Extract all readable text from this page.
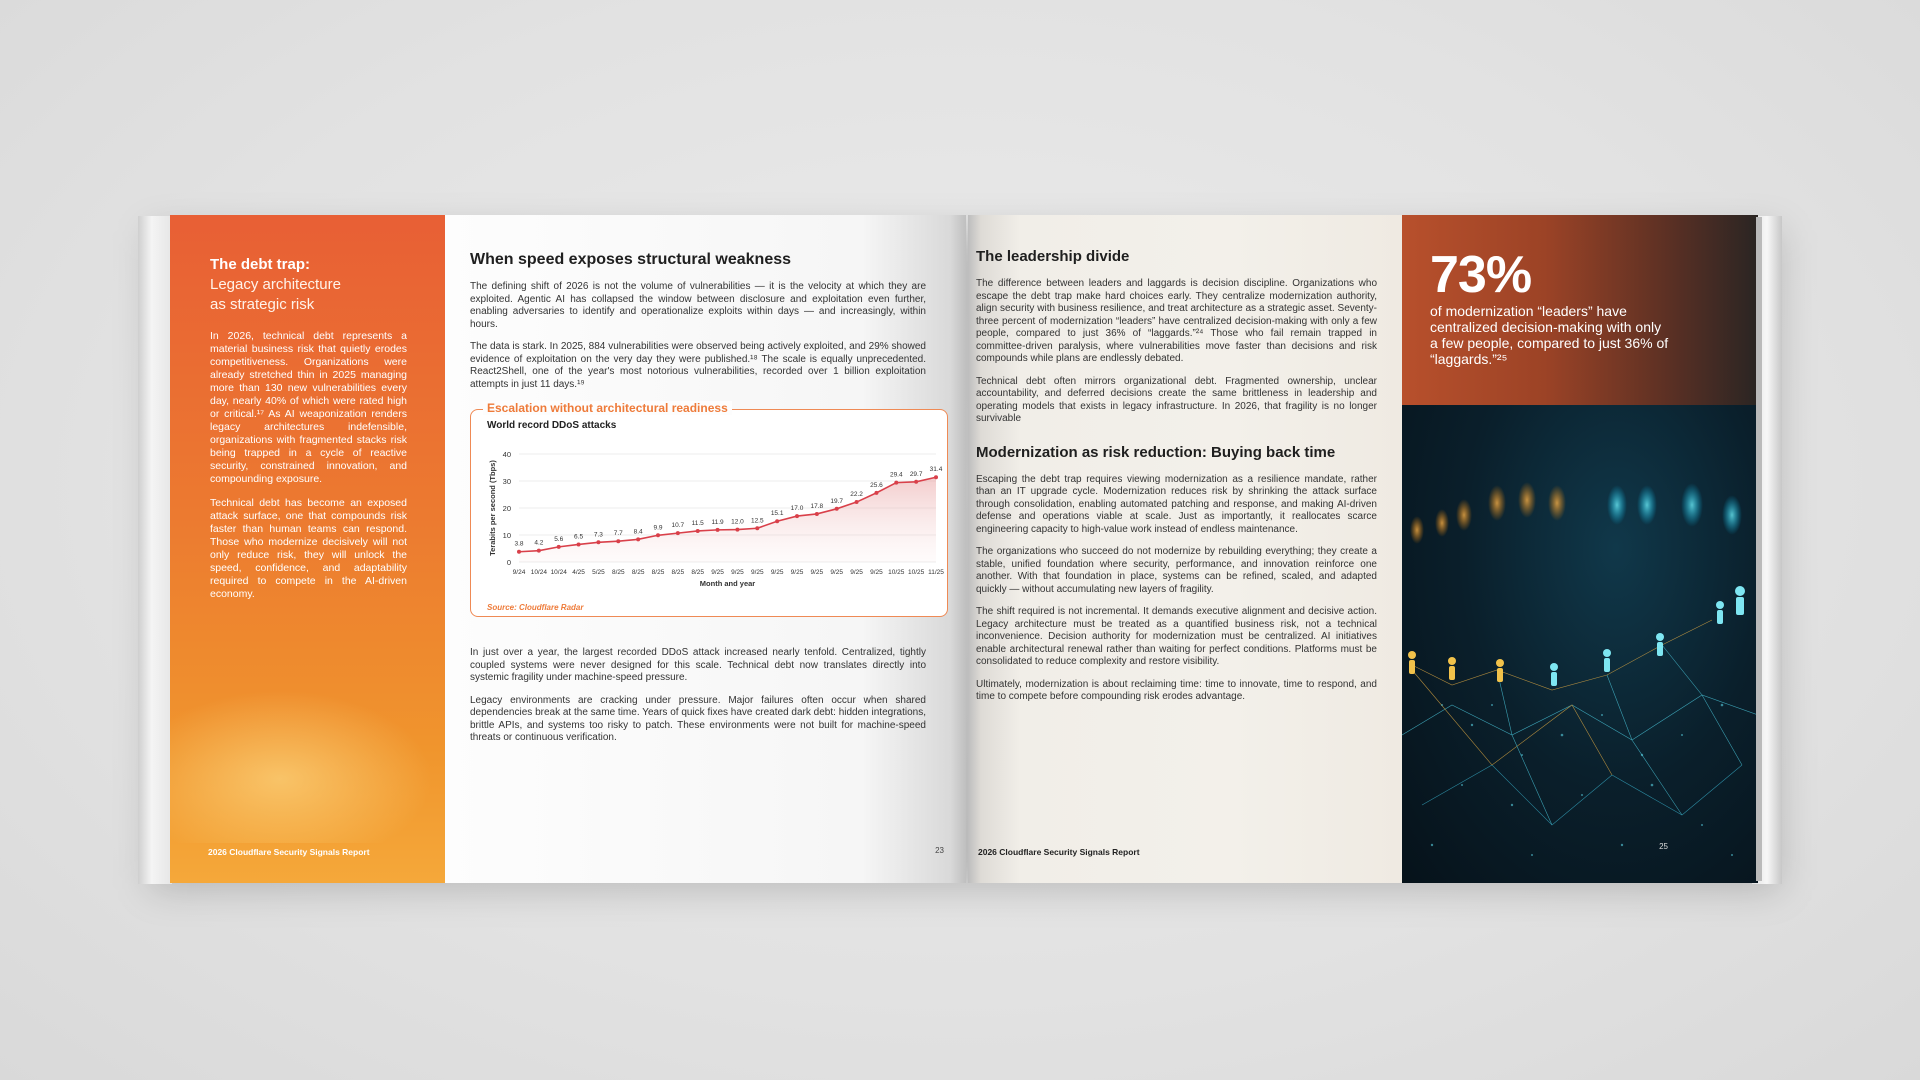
The debt trap:
Legacy architecture
as strategic risk

In 2026, technical debt represents a material business risk that quietly erodes competitiveness. Organizations were already stretched thin in 2025 managing more than 130 new vulnerabilities every day, nearly 40% of which were rated high or critical.¹⁷ As AI weaponization renders legacy architectures indefensible, organizations with fragmented stacks risk being trapped in a cycle of reactive security, constrained innovation, and compounding exposure.

Technical debt has become an exposed attack surface, one that compounds risk faster than human teams can respond. Those who modernize decisively will not only reduce risk, they will unlock the speed, confidence, and adaptability required to compete in the AI-driven economy.

2026 Cloudflare Security Signals Report
When speed exposes structural weakness

The defining shift of 2026 is not the volume of vulnerabilities — it is the velocity at which they are exploited. Agentic AI has collapsed the window between disclosure and exploitation even further, enabling adversaries to identify and operationalize exploits within days — and increasingly, within hours.

The data is stark. In 2025, 884 vulnerabilities were observed being actively exploited, and 29% showed evidence of exploitation on the very day they were published.¹⁸ The scale is equally unprecedented. React2Shell, one of the year's most notorious vulnerabilities, recorded over 1 billion exploitation attempts in just 11 days.¹⁹

Escalation without architectural readiness
World record DDoS attacks
0
10
20
30
40
Terabits per second (Tbps)	3.8
9/24
4.2
10/24
5.6
10/24
6.5
4/25
7.3
5/25
7.7
8/25
8.4
8/25
9.9
8/25
10.7
8/25
11.5
8/25
11.9
9/25
12.0
9/25
12.5
9/25
15.1
9/25
17.0
9/25
17.8
9/25
19.7
9/25
22.2
9/25
25.6
9/25
29.4
10/25
29.7
10/25
31.4
11/25
Month and year
Source: Cloudflare Radar

In just over a year, the largest recorded DDoS attack increased nearly tenfold. Centralized, tightly coupled systems were never designed for this scale. Technical debt now translates directly into systemic fragility under machine-speed pressure.

Legacy environments are cracking under pressure. Major failures often occur when shared dependencies break at the same time. Years of quick fixes have created dark debt: hidden integrations, brittle APIs, and systems too risky to patch. These environments were not built for machine-speed threats or continuous verification.

23
The leadership divide

The difference between leaders and laggards is decision discipline. Organizations who escape the debt trap make hard choices early. They centralize modernization authority, align security with business resilience, and treat architecture as a strategic asset. Seventy-three percent of modernization “leaders” have centralized decision-making with only a few people, compared to just 36% of “laggards.”²⁴ Those who fail remain trapped in committee-driven paralysis, where vulnerabilities move faster than decisions and risk compounds while plans are endlessly debated.

Technical debt often mirrors organizational debt. Fragmented ownership, unclear accountability, and deferred decisions create the same brittleness in leadership and operating models that exists in legacy infrastructure. In 2026, that fragility is no longer survivable

Modernization as risk reduction: Buying back time

Escaping the debt trap requires viewing modernization as a resilience mandate, rather than an IT upgrade cycle. Modernization reduces risk by shrinking the attack surface through consolidation, enabling automated patching and response, and making AI-driven defense and operations viable at scale. Just as importantly, it reallocates scarce engineering capacity to high-value work instead of endless maintenance.

The organizations who succeed do not modernize by rebuilding everything; they create a stable, unified foundation where security, performance, and innovation reinforce one another. With that foundation in place, systems can be refined, scaled, and adapted quickly — without accumulating new layers of fragility.

The shift required is not incremental. It demands executive alignment and decisive action. Legacy architecture must be treated as a quantified business risk, not a technical inconvenience. Decision authority for modernization must be centralized. AI initiatives enable architectural renewal rather than waiting for perfect conditions. Platforms must be consolidated to reduce complexity and restore visibility.

Ultimately, modernization is about reclaiming time: time to innovate, time to respond, and time to compete before compounding risk erodes advantage.

2026 Cloudflare Security Signals Report
73%
of modernization “leaders” have centralized decision-making with only a few people, compared to just 36% of “laggards.”²⁵
25
